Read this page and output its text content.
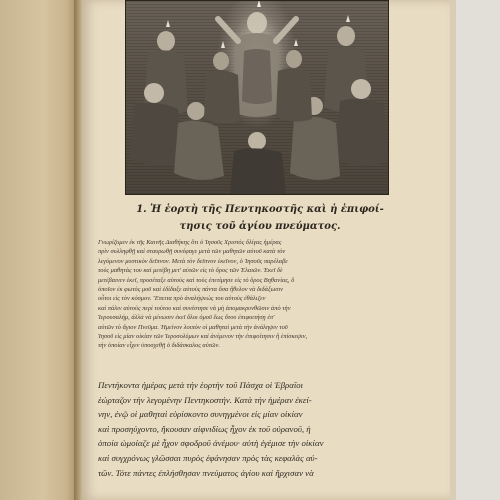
1. Ἡ ἑορτὴ τῆς Πεντηκοστῆς καὶ ἡ ἐπιφοί-
τησις τοῦ ἁγίου πνεύματος.
Γνωρίζομεν ἐκ τῆς Καινῆς Διαθήκης ὅτι ὁ Ἰησοῦς Χριστὸς ὅλίγας ἡμέρας
πρὶν συλληφθῇ καὶ σταυρωθῇ συνέφαγε μετὰ τῶν μαθητῶν αὐτοῦ κατὰ τὸν
λεγόμενον μυστικὸν δεῖπνον. Μετὰ τὸν δεῖπνον ἐκεῖνον, ὁ Ἰησοῦς παρέλαβε
τοὺς μαθητὰς του καὶ μετέβη μετ' αὐτῶν εἰς τὸ ὄρος τῶν Ἐλαιῶν. Ἐκεῖ δὲ
μετέβαινεν ἐκεῖ, προσέταξε αὐτοὺς καὶ τοὺς ἐπετίμησε εἰς τὸ ὄρος Βηθανίας, ὅ
ὁποῖον ἐκ φωτὸς μοῦ καὶ ἐδίδαξε αὐτοὺς πάντα ὅσα ἤθελον νὰ διδάξωσιν
οὗτοι εἰς τὸν κόσμον. Ἔπειτα πρὸ ἀναλήψεώς του αὐτοὺς ἐθάλιζεν
καὶ πάλιν αὐτοὺς περὶ τούτου καὶ συνέστησε νὰ μὴ ἀπομακρυνθῶσιν ἀπὸ τὴν
Ἱερουσαλήμ, ἀλλὰ νὰ μένωσιν ἐκεῖ ὅλοι ὁμοῦ ἕως ὅτου ἐπιφοιτήσῃ ἐπ'
αὐτῶν τὸ ἅγιον Πνεῦμα. Ἡμείνον λοιπὸν οἱ μαθηταὶ μετὰ τὴν ἀνάληψιν τοῦ
Ἰησοῦ εἰς μίαν οἰκίαν τῶν Ἱεροσολύμων καὶ ἀνέμενον τὴν ἐπιφοίτησιν ἢ ἐπίσκεψιν,
τὴν ὁποίαν εἶχεν ὑποσχεθῇ ὁ διδάσκαλος αὐτῶν.
Πεντήκοντα ἡμέρας μετὰ τὴν ἑορτὴν τοῦ Πάσχα οἱ Ἑβραῖοι
ἑώρταζον τὴν λεγομένην Πεντηκοστήν. Κατὰ τὴν ἡμέραν ἐκεί-
νην, ἐνῷ οἱ μαθηταὶ εὑρίσκοντο συνηγμένοι εἰς μίαν οἰκίαν
καὶ προσηύχοντο, ἤκουσαν αἰφνιδίως ἦχον ἐκ τοῦ οὐρανοῦ, ἡ
ὁποία ὡμοίαζε μὲ ἦχον σφοδροῦ ἀνέμου· αὐτὴ ἐγέμισε τὴν οἰκίαν
καὶ συγχρόνως γλῶσσαι πυρὸς ἐφάνησαν πρὸς τὰς κεφαλὰς αὐ-
τῶν. Τότε πάντες ἐπλήσθησαν πνεύματος ἁγίου καὶ ἤρχισαν νὰ
